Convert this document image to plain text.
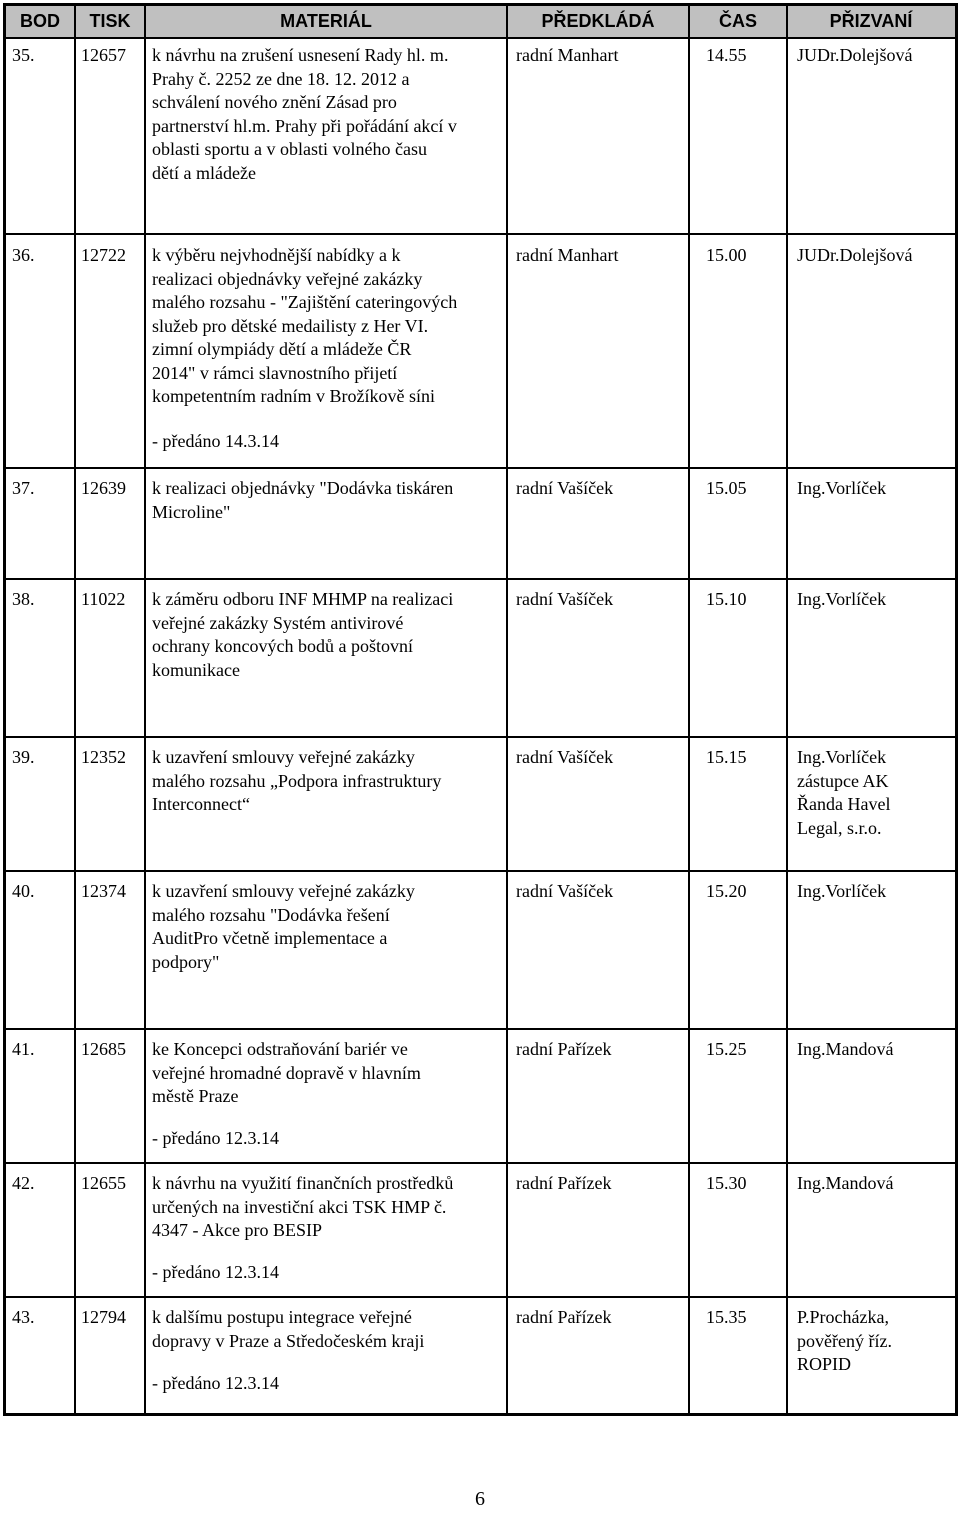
BOD	TISK	MATERIÁL	PŘEDKLÁDÁ	ČAS	PŘIZVANÍ
35.	12657 k návrhu na zrušení usnesení Rady hl. m.
Prahy č. 2252 ze dne 18. 12. 2012 a
schválení nového znění Zásad pro
partnerství hl.m. Prahy při pořádání akcí v
oblasti sportu a v oblasti volného času
dětí a mládeže
radní Manhart	14.55	JUDr.Dolejšová
36.	12722 k výběru nejvhodnější nabídky a k
realizaci objednávky veřejné zakázky
malého rozsahu - "Zajištění cateringových
služeb pro dětské medailisty z Her VI.
zimní olympiády dětí a mládeže ČR
2014" v rámci slavnostního přijetí
kompetentním radním v Brožíkově síni
- předáno 14.3.14
radní Manhart	15.00	JUDr.Dolejšová
37.	12639 k realizaci objednávky "Dodávka tiskáren
Microline"
radní Vašíček	15.05	Ing.Vorlíček
38.	11022 k záměru odboru INF MHMP na realizaci
veřejné zakázky Systém antivirové
ochrany koncových bodů a poštovní
komunikace
radní Vašíček	15.10	Ing.Vorlíček
39.	12352 k uzavření smlouvy veřejné zakázky
malého rozsahu „Podpora infrastruktury
Interconnect“
radní Vašíček	15.15	Ing.Vorlíček
zástupce AK
Řanda Havel
Legal, s.r.o.
40.	12374 k uzavření smlouvy veřejné zakázky
malého rozsahu "Dodávka řešení
AuditPro včetně implementace a
podpory"
radní Vašíček	15.20	Ing.Vorlíček
41.	12685 ke Koncepci odstraňování bariér ve
veřejné hromadné dopravě v hlavním
městě Praze
- předáno 12.3.14
radní Pařízek	15.25	Ing.Mandová
42.	12655 k návrhu na využití finančních prostředků
určených na investiční akci TSK HMP č.
4347 - Akce pro BESIP
- předáno 12.3.14
radní Pařízek	15.30	Ing.Mandová
43.	12794 k dalšímu postupu integrace veřejné
dopravy v Praze a Středočeském kraji
- předáno 12.3.14
radní Pařízek	15.35	P.Procházka,
pověřený říz.
ROPID
6
